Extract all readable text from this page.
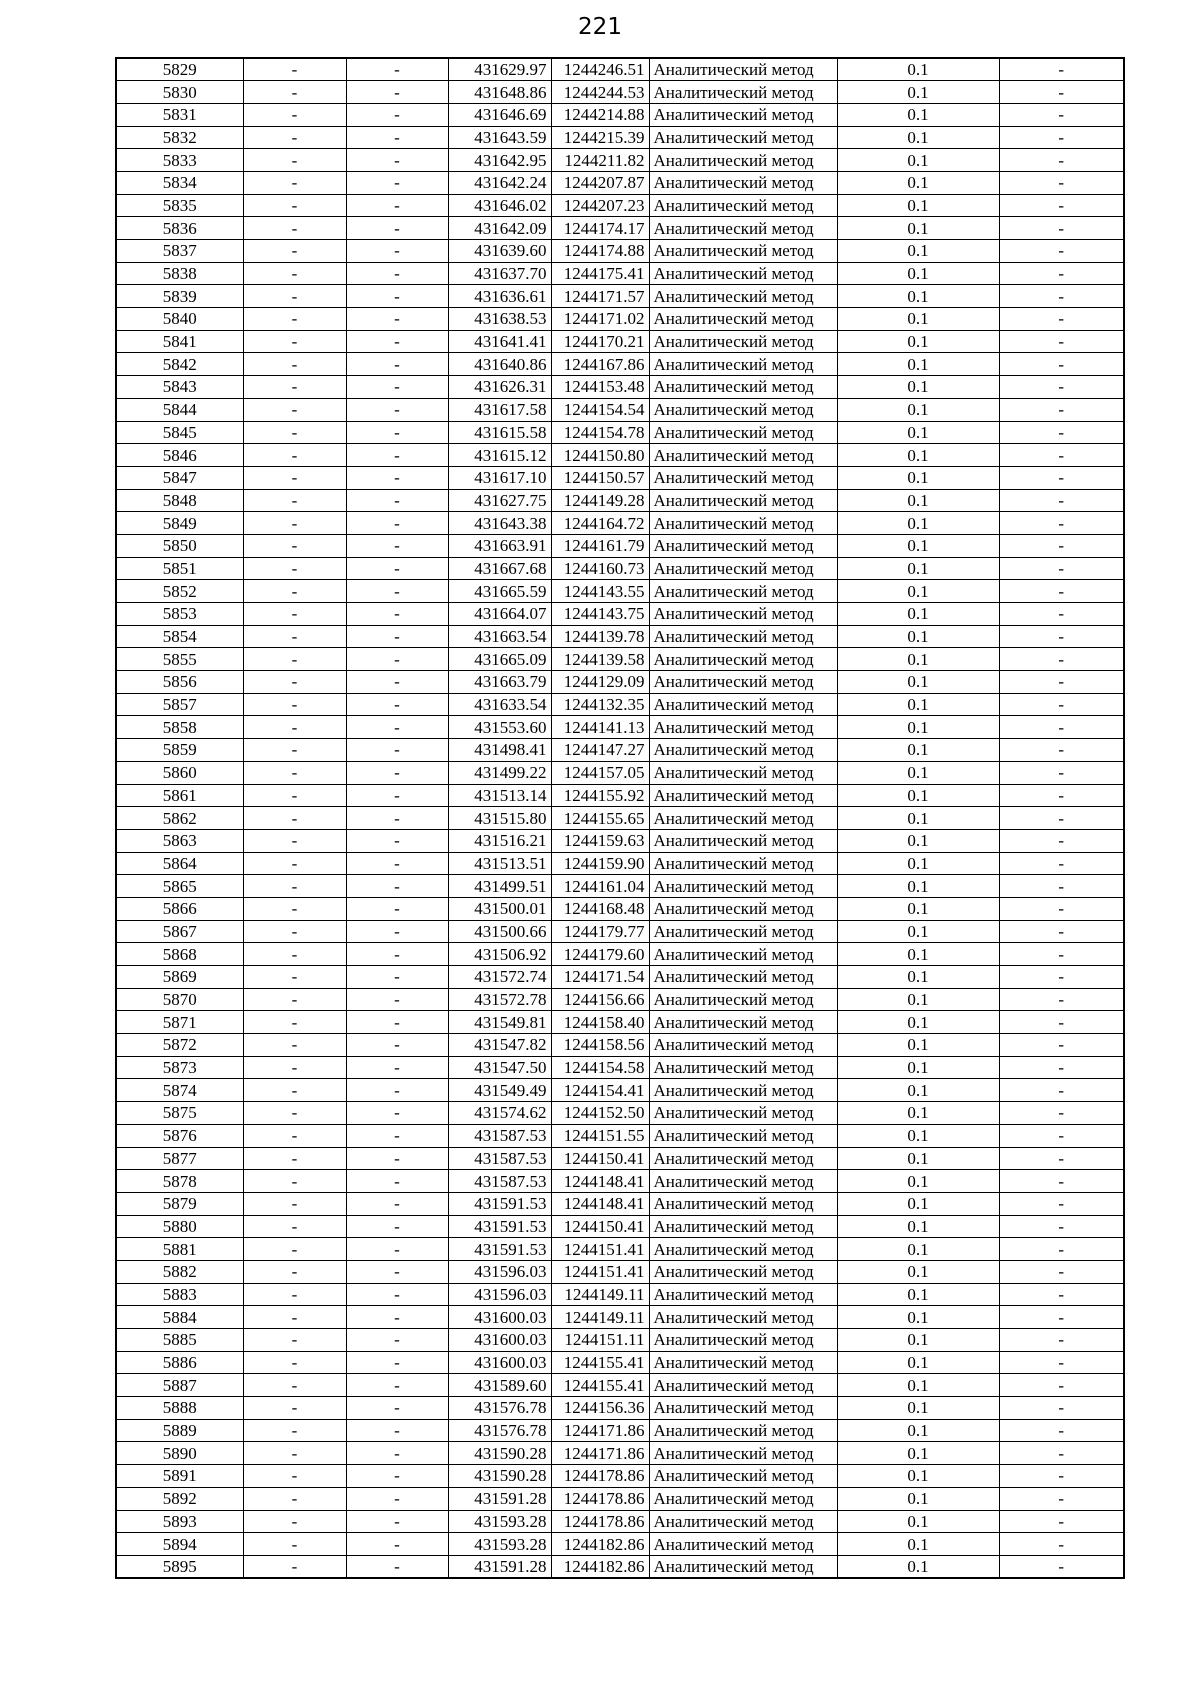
221
5829	-	-	431629.97	1244246.51	Аналитический метод	0.1	-
5830	-	-	431648.86	1244244.53	Аналитический метод	0.1	-
5831	-	-	431646.69	1244214.88	Аналитический метод	0.1	-
5832	-	-	431643.59	1244215.39	Аналитический метод	0.1	-
5833	-	-	431642.95	1244211.82	Аналитический метод	0.1	-
5834	-	-	431642.24	1244207.87	Аналитический метод	0.1	-
5835	-	-	431646.02	1244207.23	Аналитический метод	0.1	-
5836	-	-	431642.09	1244174.17	Аналитический метод	0.1	-
5837	-	-	431639.60	1244174.88	Аналитический метод	0.1	-
5838	-	-	431637.70	1244175.41	Аналитический метод	0.1	-
5839	-	-	431636.61	1244171.57	Аналитический метод	0.1	-
5840	-	-	431638.53	1244171.02	Аналитический метод	0.1	-
5841	-	-	431641.41	1244170.21	Аналитический метод	0.1	-
5842	-	-	431640.86	1244167.86	Аналитический метод	0.1	-
5843	-	-	431626.31	1244153.48	Аналитический метод	0.1	-
5844	-	-	431617.58	1244154.54	Аналитический метод	0.1	-
5845	-	-	431615.58	1244154.78	Аналитический метод	0.1	-
5846	-	-	431615.12	1244150.80	Аналитический метод	0.1	-
5847	-	-	431617.10	1244150.57	Аналитический метод	0.1	-
5848	-	-	431627.75	1244149.28	Аналитический метод	0.1	-
5849	-	-	431643.38	1244164.72	Аналитический метод	0.1	-
5850	-	-	431663.91	1244161.79	Аналитический метод	0.1	-
5851	-	-	431667.68	1244160.73	Аналитический метод	0.1	-
5852	-	-	431665.59	1244143.55	Аналитический метод	0.1	-
5853	-	-	431664.07	1244143.75	Аналитический метод	0.1	-
5854	-	-	431663.54	1244139.78	Аналитический метод	0.1	-
5855	-	-	431665.09	1244139.58	Аналитический метод	0.1	-
5856	-	-	431663.79	1244129.09	Аналитический метод	0.1	-
5857	-	-	431633.54	1244132.35	Аналитический метод	0.1	-
5858	-	-	431553.60	1244141.13	Аналитический метод	0.1	-
5859	-	-	431498.41	1244147.27	Аналитический метод	0.1	-
5860	-	-	431499.22	1244157.05	Аналитический метод	0.1	-
5861	-	-	431513.14	1244155.92	Аналитический метод	0.1	-
5862	-	-	431515.80	1244155.65	Аналитический метод	0.1	-
5863	-	-	431516.21	1244159.63	Аналитический метод	0.1	-
5864	-	-	431513.51	1244159.90	Аналитический метод	0.1	-
5865	-	-	431499.51	1244161.04	Аналитический метод	0.1	-
5866	-	-	431500.01	1244168.48	Аналитический метод	0.1	-
5867	-	-	431500.66	1244179.77	Аналитический метод	0.1	-
5868	-	-	431506.92	1244179.60	Аналитический метод	0.1	-
5869	-	-	431572.74	1244171.54	Аналитический метод	0.1	-
5870	-	-	431572.78	1244156.66	Аналитический метод	0.1	-
5871	-	-	431549.81	1244158.40	Аналитический метод	0.1	-
5872	-	-	431547.82	1244158.56	Аналитический метод	0.1	-
5873	-	-	431547.50	1244154.58	Аналитический метод	0.1	-
5874	-	-	431549.49	1244154.41	Аналитический метод	0.1	-
5875	-	-	431574.62	1244152.50	Аналитический метод	0.1	-
5876	-	-	431587.53	1244151.55	Аналитический метод	0.1	-
5877	-	-	431587.53	1244150.41	Аналитический метод	0.1	-
5878	-	-	431587.53	1244148.41	Аналитический метод	0.1	-
5879	-	-	431591.53	1244148.41	Аналитический метод	0.1	-
5880	-	-	431591.53	1244150.41	Аналитический метод	0.1	-
5881	-	-	431591.53	1244151.41	Аналитический метод	0.1	-
5882	-	-	431596.03	1244151.41	Аналитический метод	0.1	-
5883	-	-	431596.03	1244149.11	Аналитический метод	0.1	-
5884	-	-	431600.03	1244149.11	Аналитический метод	0.1	-
5885	-	-	431600.03	1244151.11	Аналитический метод	0.1	-
5886	-	-	431600.03	1244155.41	Аналитический метод	0.1	-
5887	-	-	431589.60	1244155.41	Аналитический метод	0.1	-
5888	-	-	431576.78	1244156.36	Аналитический метод	0.1	-
5889	-	-	431576.78	1244171.86	Аналитический метод	0.1	-
5890	-	-	431590.28	1244171.86	Аналитический метод	0.1	-
5891	-	-	431590.28	1244178.86	Аналитический метод	0.1	-
5892	-	-	431591.28	1244178.86	Аналитический метод	0.1	-
5893	-	-	431593.28	1244178.86	Аналитический метод	0.1	-
5894	-	-	431593.28	1244182.86	Аналитический метод	0.1	-
5895	-	-	431591.28	1244182.86	Аналитический метод	0.1	-
